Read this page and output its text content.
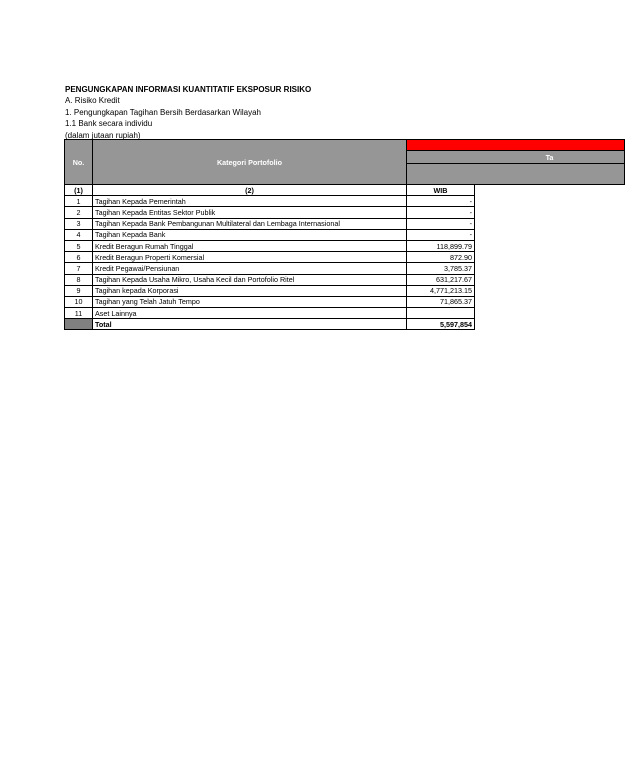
PENGUNGKAPAN INFORMASI KUANTITATIF EKSPOSUR RISIKO
A. Risiko Kredit
1. Pengungkapan Tagihan Bersih Berdasarkan Wilayah
1.1 Bank secara individu
(dalam jutaan rupiah)
No.	Kategori Portofolio		
		Ta	

(1)	(2)	WIB	
1	Tagihan Kepada Pemerintah	-	
2	Tagihan Kepada Entitas Sektor Publik	-	
3	Tagihan Kepada Bank Pembangunan Multilateral dan Lembaga Internasional	-	
4	Tagihan Kepada Bank	-	
5	Kredit Beragun Rumah Tinggal	118,899.79	
6	Kredit Beragun Properti Komersial	872.90	
7	Kredit Pegawai/Pensiunan	3,785.37	
8	Tagihan Kepada Usaha Mikro, Usaha Kecil dan Portofolio Ritel	631,217.67	
9	Tagihan kepada Korporasi	4,771,213.15	
10	Tagihan yang Telah Jatuh Tempo	71,865.37	
11	Aset Lainnya		
	Total	5,597,854	
